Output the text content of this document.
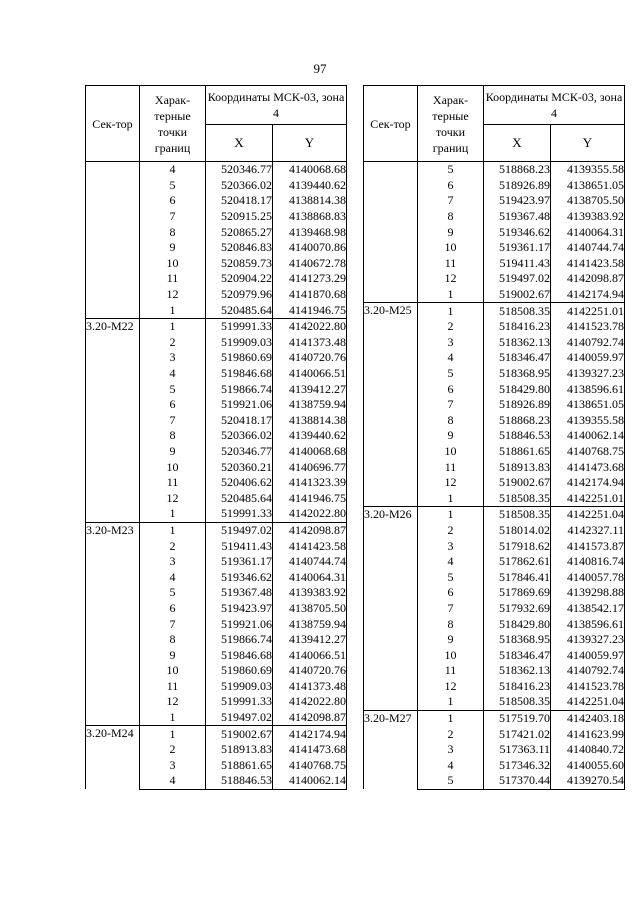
97
Сек-тор	Харак-терные
точки границ	Координаты МСК-03, зона 4	
		X	Y
	4	520346.77	4140068.68
	5	520366.02	4139440.62
	6	520418.17	4138814.38
	7	520915.25	4138868.83
	8	520865.27	4139468.98
	9	520846.83	4140070.86
	10	520859.73	4140672.78
	11	520904.22	4141273.29
	12	520979.96	4141870.68
	1	520485.64	4141946.75
3.20-М22	1	519991.33	4142022.80
	2	519909.03	4141373.48
	3	519860.69	4140720.76
	4	519846.68	4140066.51
	5	519866.74	4139412.27
	6	519921.06	4138759.94
	7	520418.17	4138814.38
	8	520366.02	4139440.62
	9	520346.77	4140068.68
	10	520360.21	4140696.77
	11	520406.62	4141323.39
	12	520485.64	4141946.75
	1	519991.33	4142022.80
3.20-М23	1	519497.02	4142098.87
	2	519411.43	4141423.58
	3	519361.17	4140744.74
	4	519346.62	4140064.31
	5	519367.48	4139383.92
	6	519423.97	4138705.50
	7	519921.06	4138759.94
	8	519866.74	4139412.27
	9	519846.68	4140066.51
	10	519860.69	4140720.76
	11	519909.03	4141373.48
	12	519991.33	4142022.80
	1	519497.02	4142098.87
3.20-М24	1	519002.67	4142174.94
	2	518913.83	4141473.68
	3	518861.65	4140768.75
	4	518846.53	4140062.14
Сек-тор	Харак-терные
точки границ	Координаты МСК-03, зона 4	
		X	Y
	5	518868.23	4139355.58
	6	518926.89	4138651.05
	7	519423.97	4138705.50
	8	519367.48	4139383.92
	9	519346.62	4140064.31
	10	519361.17	4140744.74
	11	519411.43	4141423.58
	12	519497.02	4142098.87
	1	519002.67	4142174.94
3.20-М25	1	518508.35	4142251.01
	2	518416.23	4141523.78
	3	518362.13	4140792.74
	4	518346.47	4140059.97
	5	518368.95	4139327.23
	6	518429.80	4138596.61
	7	518926.89	4138651.05
	8	518868.23	4139355.58
	9	518846.53	4140062.14
	10	518861.65	4140768.75
	11	518913.83	4141473.68
	12	519002.67	4142174.94
	1	518508.35	4142251.01
3.20-М26	1	518508.35	4142251.04
	2	518014.02	4142327.11
	3	517918.62	4141573.87
	4	517862.61	4140816.74
	5	517846.41	4140057.78
	6	517869.69	4139298.88
	7	517932.69	4138542.17
	8	518429.80	4138596.61
	9	518368.95	4139327.23
	10	518346.47	4140059.97
	11	518362.13	4140792.74
	12	518416.23	4141523.78
	1	518508.35	4142251.04
3.20-М27	1	517519.70	4142403.18
	2	517421.02	4141623.99
	3	517363.11	4140840.72
	4	517346.32	4140055.60
	5	517370.44	4139270.54
